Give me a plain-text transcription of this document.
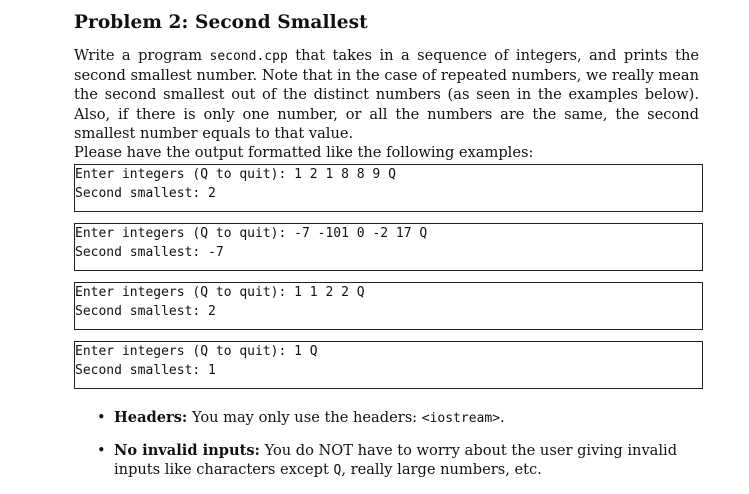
Problem 2: Second Smallest
Write a program second.cpp that takes in a sequence of integers, and prints the second smallest number. Note that in the case of repeated numbers, we really mean the second smallest out of the distinct numbers (as seen in the examples below). Also, if there is only one number, or all the numbers are the same, the second smallest number equals to that value.
Please have the output formatted like the following examples:
Enter integers (Q to quit): 1 2 1 8 8 9 Q
Second smallest: 2
Enter integers (Q to quit): -7 -101 0 -2 17 Q
Second smallest: -7
Enter integers (Q to quit): 1 1 2 2 Q
Second smallest: 2
Enter integers (Q to quit): 1 Q
Second smallest: 1
• Headers: You may only use the headers: <iostream>.
• No invalid inputs: You do NOT have to worry about the user giving invalid inputs like characters except Q, really large numbers, etc.
